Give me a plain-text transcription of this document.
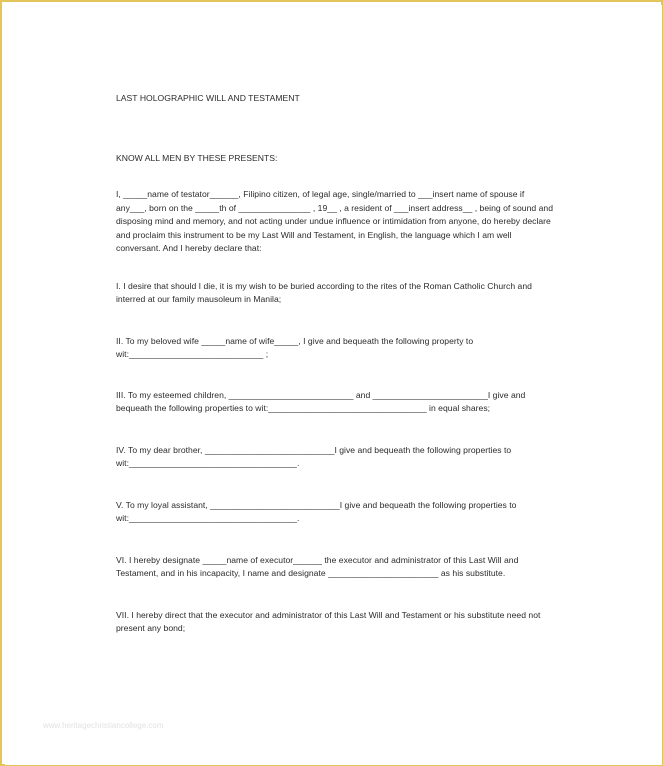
www.heritagechristiancollege.com

LAST HOLOGRAPHIC WILL AND TESTAMENT

KNOW ALL MEN BY THESE PRESENTS:

I, _____name of testator______, Filipino citizen, of legal age, single/married to ___insert name of spouse if any___, born on the _____th of _______________ , 19__ , a resident of ___insert address__ , being of sound and disposing mind and memory, and not acting under undue influence or intimidation from anyone, do hereby declare and proclaim this instrument to be my Last Will and Testament, in English, the language which I am well conversant. And I hereby declare that:

I. I desire that should I die, it is my wish to be buried according to the rites of the Roman Catholic Church and interred at our family mausoleum in Manila;

II. To my beloved wife _____name of wife_____, I give and bequeath the following property to wit:____________________________ ;

III. To my esteemed children, __________________________ and ________________________I give and bequeath the following properties to wit:_________________________________ in equal shares;

IV. To my dear brother, ___________________________I give and bequeath the following properties to wit:___________________________________.

V. To my loyal assistant, ___________________________I give and bequeath the following properties to wit:___________________________________.

VI. I hereby designate _____name of executor______ the executor and administrator of this Last Will and Testament, and in his incapacity, I name and designate _______________________ as his substitute.

VII. I hereby direct that the executor and administrator of this Last Will and Testament or his substitute need not present any bond;
